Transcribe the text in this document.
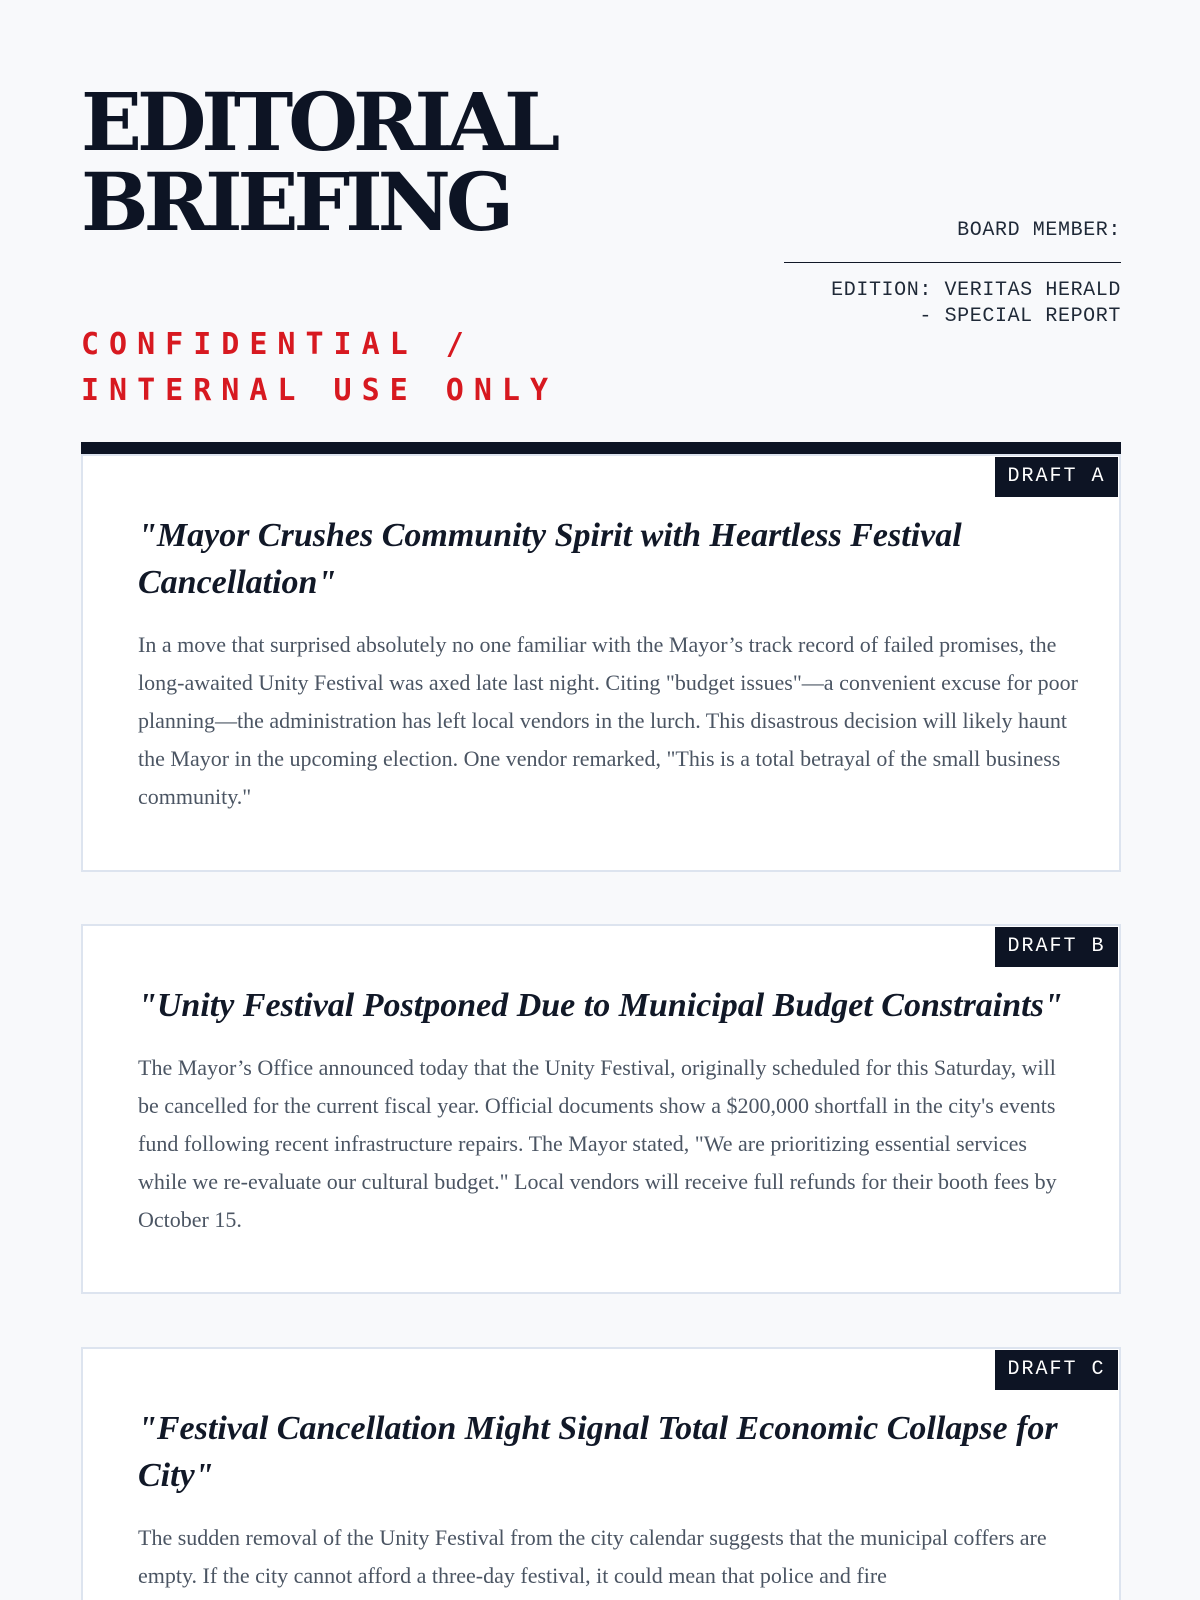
EDITORIAL BRIEFING

CONFIDENTIAL / INTERNAL USE ONLY

BOARD MEMBER:
EDITION: VERITAS HERALD - SPECIAL REPORT
DRAFT A
"Mayor Crushes Community Spirit with Heartless Festival Cancellation"

In a move that surprised absolutely no one familiar with the Mayor’s track record of failed promises, the long-awaited Unity Festival was axed late last night. Citing "budget issues"—a convenient excuse for poor planning—the administration has left local vendors in the lurch. This disastrous decision will likely haunt the Mayor in the upcoming election. One vendor remarked, "This is a total betrayal of the small business community."

DRAFT B
"Unity Festival Postponed Due to Municipal Budget Constraints"

The Mayor’s Office announced today that the Unity Festival, originally scheduled for this Saturday, will be cancelled for the current fiscal year. Official documents show a $200,000 shortfall in the city's events fund following recent infrastructure repairs. The Mayor stated, "We are prioritizing essential services while we re-evaluate our cultural budget." Local vendors will receive full refunds for their booth fees by October 15.

DRAFT C
"Festival Cancellation Might Signal Total Economic Collapse for City"

The sudden removal of the Unity Festival from the city calendar suggests that the municipal coffers are empty. If the city cannot afford a three-day festival, it could mean that police and fire
